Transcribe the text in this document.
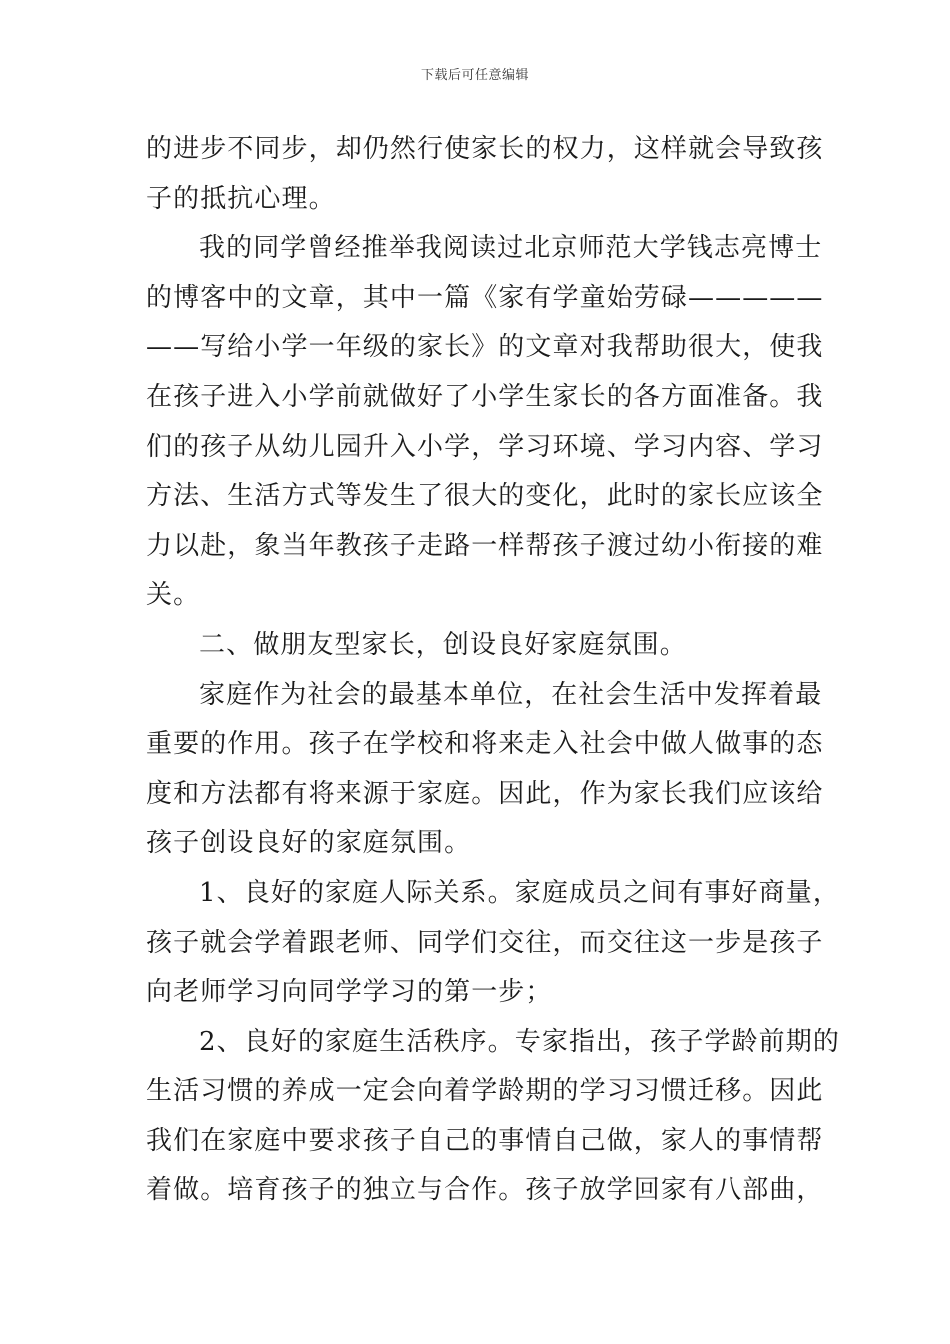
下载后可任意编辑
的进步不同步，却仍然行使家长的权力，这样就会导致孩
子的抵抗心理。
我的同学曾经推举我阅读过北京师范大学钱志亮博士
的博客中的文章，其中一篇《家有学童始劳碌—————
——写给小学一年级的家长》的文章对我帮助很大，使我
在孩子进入小学前就做好了小学生家长的各方面准备。我
们的孩子从幼儿园升入小学，学习环境、学习内容、学习
方法、生活方式等发生了很大的变化，此时的家长应该全
力以赴，象当年教孩子走路一样帮孩子渡过幼小衔接的难
关。
二、做朋友型家长，创设良好家庭氛围。
家庭作为社会的最基本单位，在社会生活中发挥着最
重要的作用。孩子在学校和将来走入社会中做人做事的态
度和方法都有将来源于家庭。因此，作为家长我们应该给
孩子创设良好的家庭氛围。
1、良好的家庭人际关系。家庭成员之间有事好商量，
孩子就会学着跟老师、同学们交往，而交往这一步是孩子
向老师学习向同学学习的第一步；
2、良好的家庭生活秩序。专家指出，孩子学龄前期的
生活习惯的养成一定会向着学龄期的学习习惯迁移。因此
我们在家庭中要求孩子自己的事情自己做，家人的事情帮
着做。培育孩子的独立与合作。孩子放学回家有八部曲，
